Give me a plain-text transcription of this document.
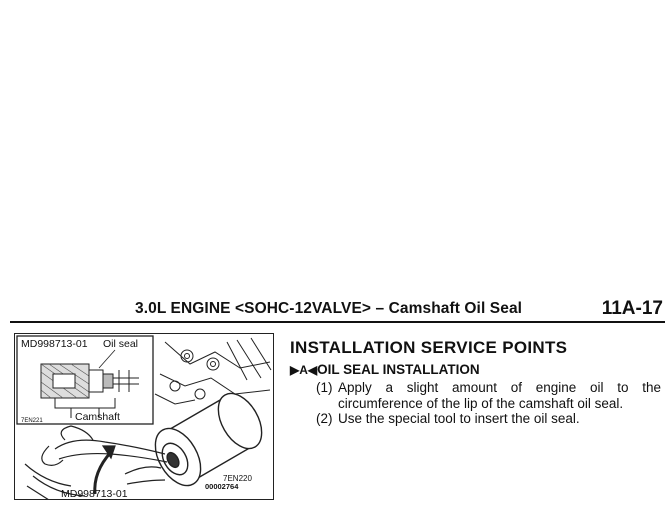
3.0L ENGINE <SOHC-12VALVE> – Camshaft Oil Seal	11A-17
MD998713-01 Oil seal
7EN221	Camshaft
7EN220
00002764
MD998713-01
INSTALLATION SERVICE POINTS
▶A◀OIL SEAL INSTALLATION
(1) Apply a slight amount of engine oil to the
circumference of the lip of the camshaft oil seal.
(2) Use the special tool to insert the oil seal.
